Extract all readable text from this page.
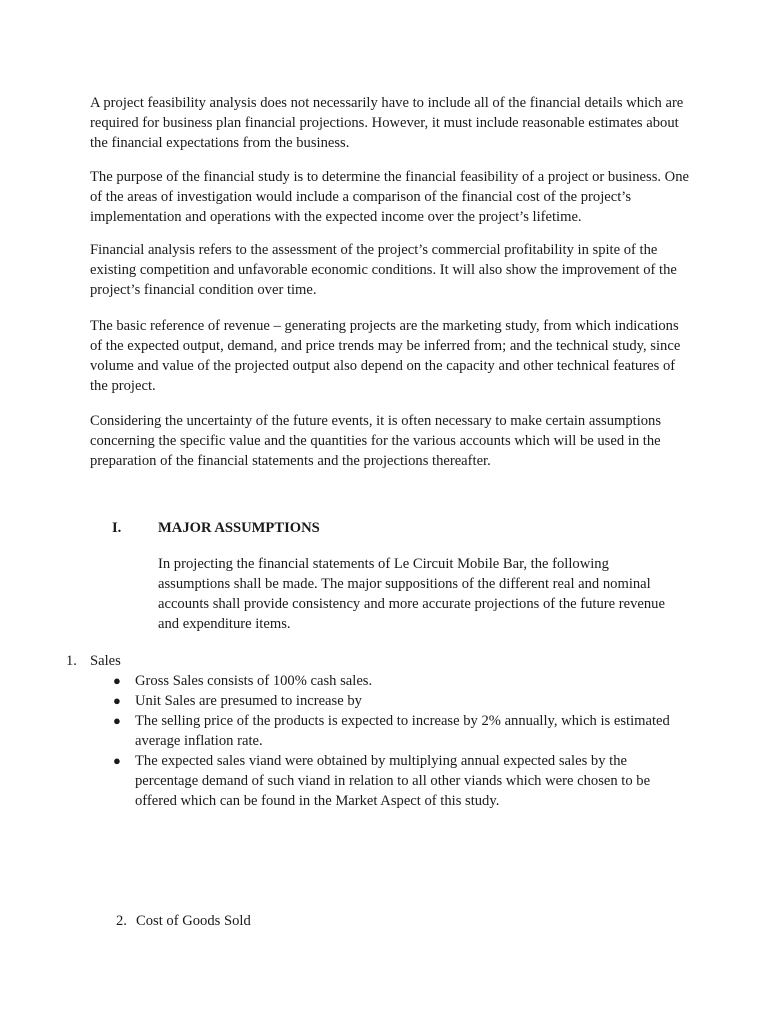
A project feasibility analysis does not necessarily have to include all of the financial details which are required for business plan financial projections. However, it must include reasonable estimates about the financial expectations from the business.

The purpose of the financial study is to determine the financial feasibility of a project or business. One of the areas of investigation would include a comparison of the financial cost of the project’s implementation and operations with the expected income over the project’s lifetime.

Financial analysis refers to the assessment of the project’s commercial profitability in spite of the existing competition and unfavorable economic conditions. It will also show the improvement of the project’s financial condition over time.

The basic reference of revenue – generating projects are the marketing study, from which indications of the expected output, demand, and price trends may be inferred from; and the technical study, since volume and value of the projected output also depend on the capacity and other technical features of the project.

Considering the uncertainty of the future events, it is often necessary to make certain assumptions concerning the specific value and the quantities for the various accounts which will be used in the preparation of the financial statements and the projections thereafter.

I.	MAJOR ASSUMPTIONS

In projecting the financial statements of Le Circuit Mobile Bar, the following assumptions shall be made. The major suppositions of the different real and nominal accounts shall provide consistency and more accurate projections of the future revenue and expenditure items.

1. Sales
● Gross Sales consists of 100% cash sales.
● Unit Sales are presumed to increase by
● The selling price of the products is expected to increase by 2% annually, which is estimated average inflation rate.
● The expected sales viand were obtained by multiplying annual expected sales by the percentage demand of such viand in relation to all other viands which were chosen to be offered which can be found in the Market Aspect of this study.
2. Cost of Goods Sold
